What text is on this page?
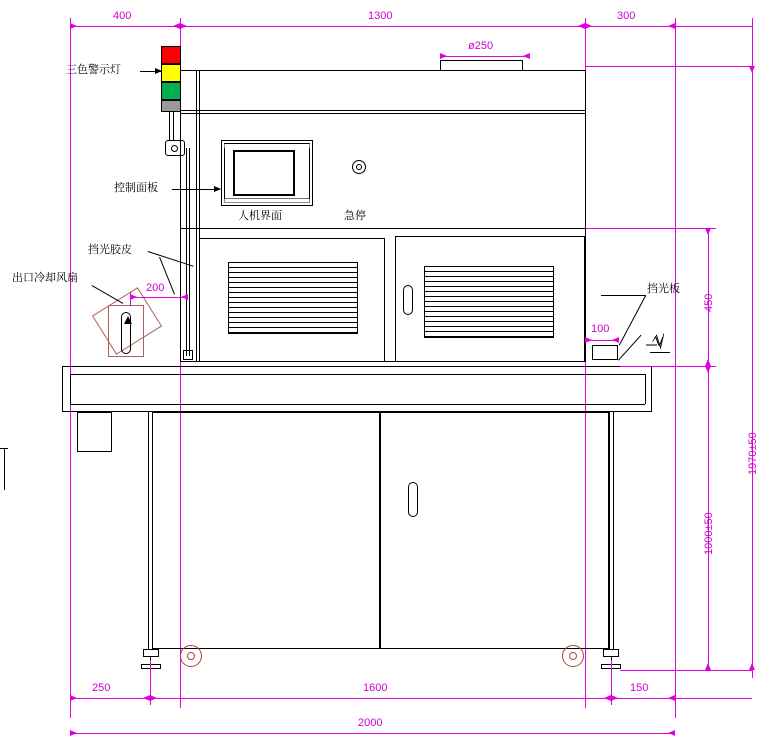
400	1300	300
ø250
V
200
100
450
1000±50
1970±50
250	1600	150
2000
三色警示灯
控制面板
人机界面	急停
挡光胶皮
出口冷却风扇
挡光板
